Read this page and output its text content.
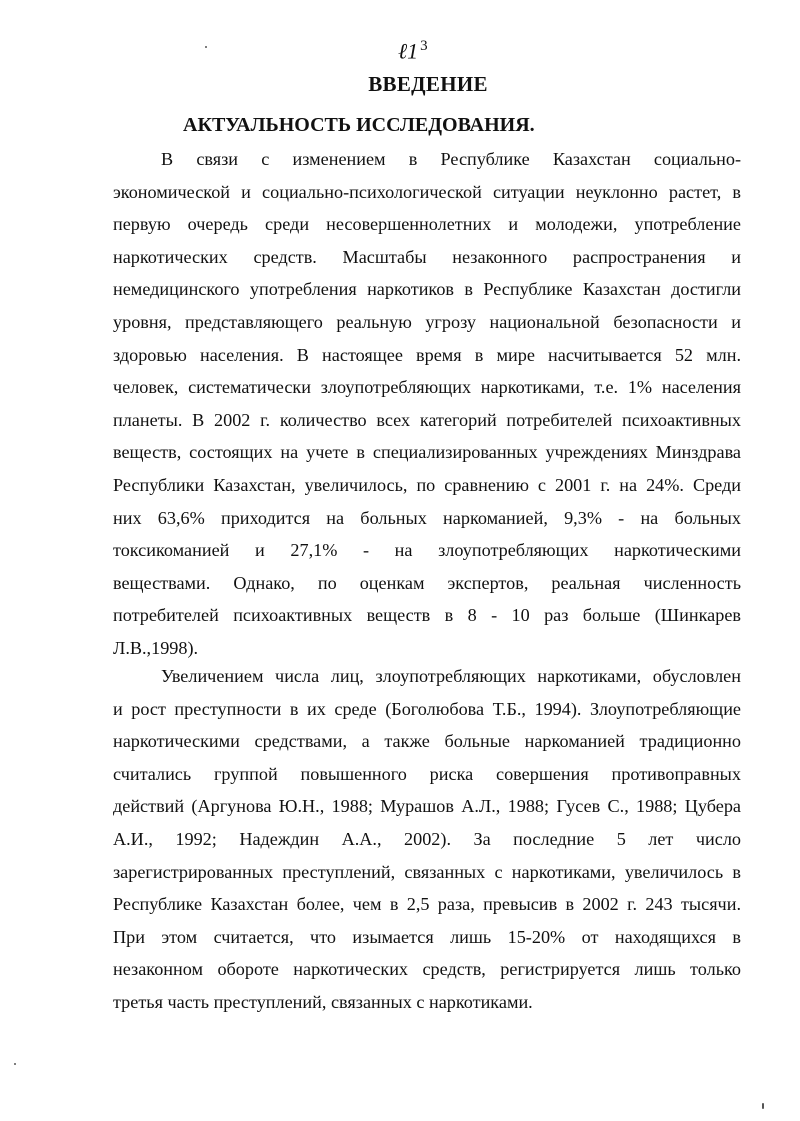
ℓ1 $^3$
ВВЕДЕНИЕ
АКТУАЛЬНОСТЬ ИССЛЕДОВАНИЯ.
В связи с изменением в Республике Казахстан социально-
экономической и социально-психологической ситуации неуклонно растет, в
первую очередь среди несовершеннолетних и молодежи, употребление
наркотических средств. Масштабы незаконного распространения и
немедицинского употребления наркотиков в Республике Казахстан достигли
уровня, представляющего реальную угрозу национальной безопасности и
здоровью населения. В настоящее время в мире насчитывается 52 млн.
человек, систематически злоупотребляющих наркотиками, т.е. 1% населения
планеты. В 2002 г. количество всех категорий потребителей психоактивных
веществ, состоящих на учете в специализированных учреждениях Минздрава
Республики Казахстан, увеличилось, по сравнению с 2001 г. на 24%. Среди
них 63,6% приходится на больных наркоманией, 9,3% - на больных
токсикоманией и 27,1% - на злоупотребляющих наркотическими
веществами. Однако, по оценкам экспертов, реальная численность
потребителей психоактивных веществ в 8 - 10 раз больше (Шинкарев
Л.В.,1998).
Увеличением числа лиц, злоупотребляющих наркотиками, обусловлен
и рост преступности в их среде (Боголюбова Т.Б., 1994). Злоупотребляющие
наркотическими средствами, а также больные наркоманией традиционно
считались группой повышенного риска совершения противоправных
действий (Аргунова Ю.Н., 1988; Мурашов А.Л., 1988; Гусев С., 1988; Цубера
А.И., 1992; Надеждин А.А., 2002). За последние 5 лет число
зарегистрированных преступлений, связанных с наркотиками, увеличилось в
Республике Казахстан более, чем в 2,5 раза, превысив в 2002 г. 243 тысячи.
При этом считается, что изымается лишь 15-20% от находящихся в
незаконном обороте наркотических средств, регистрируется лишь только
третья часть преступлений, связанных с наркотиками.
